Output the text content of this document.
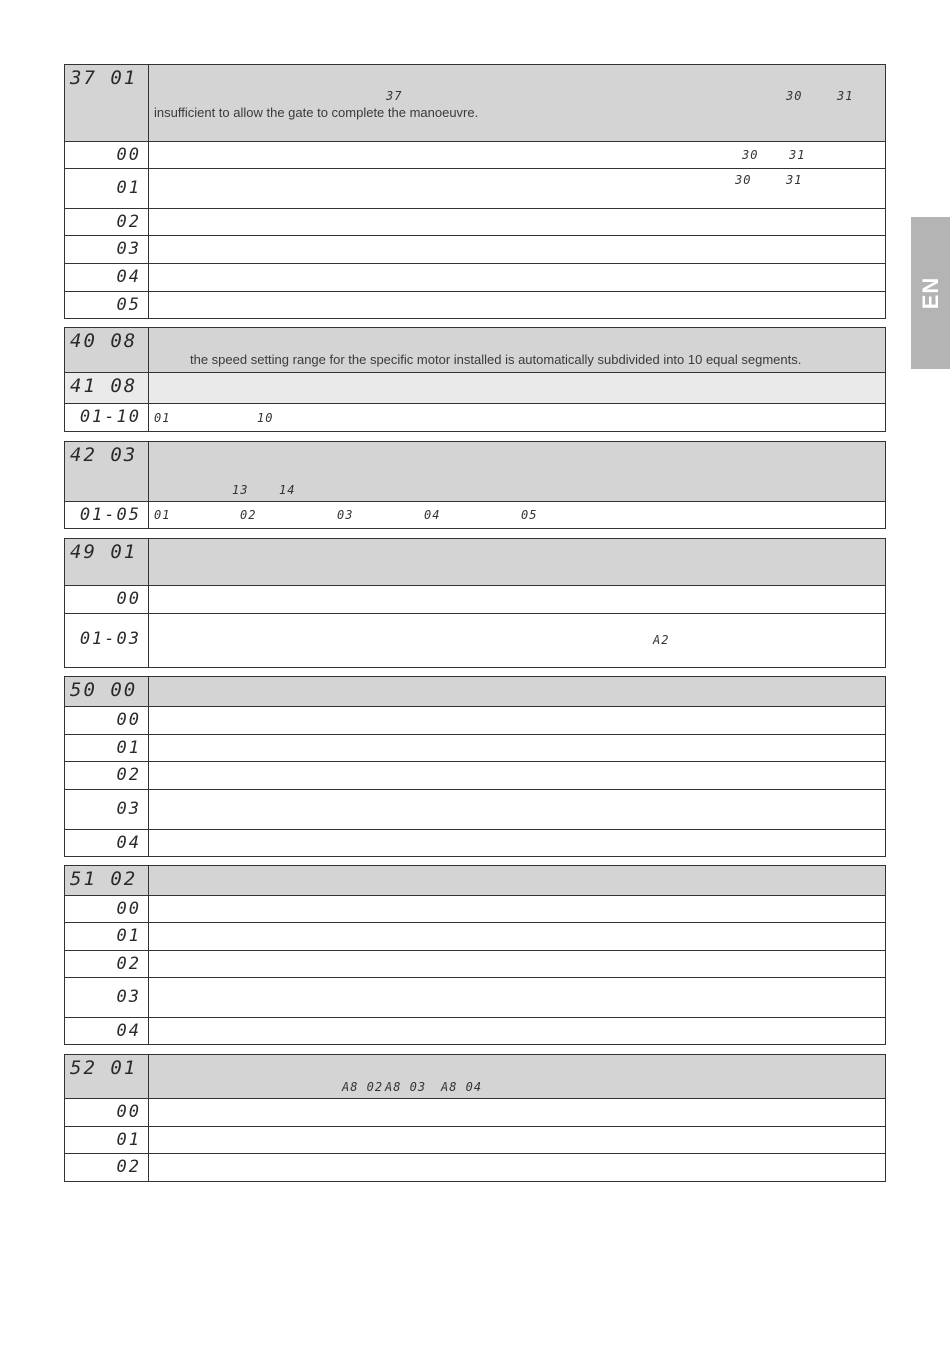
EN
37 01	37 30 31
insufficient to allow the gate to complete the manoeuvre.

00	30 31

01	30 31

02	

03	

04	

05	

40 08	the speed setting range for the specific motor installed is automatically subdivided into 10 equal segments.

41 08	

01-10	01 10
42 03	13 14

01-05	01 02 03 04 05
49 01	

00	

01-03	A2
50 00	

00	

01	

02	

03	

04	

51 02	

00	

01	

02	

03	

04	

52 01	A8 02 A8 03 A8 04

00	

01	

02	
